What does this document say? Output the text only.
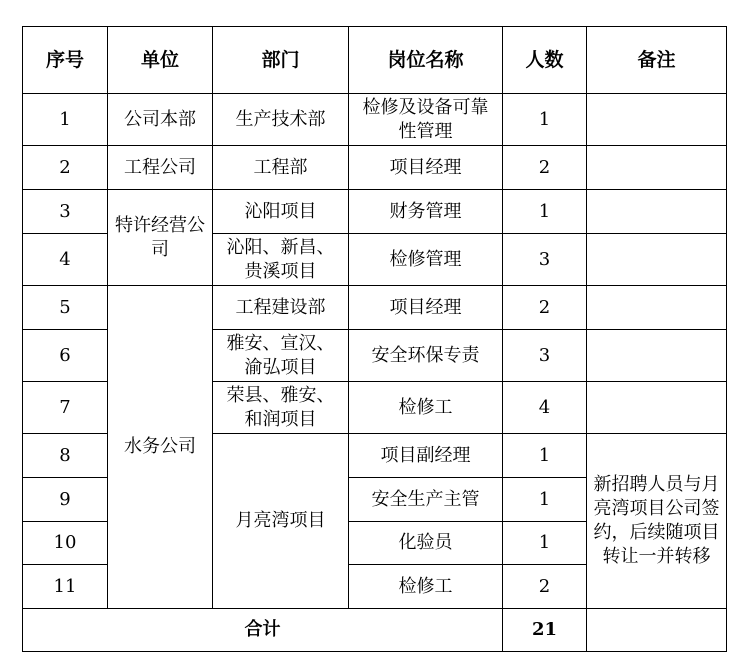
序号	单位	部门	岗位名称	人数	备注
1	公司本部	生产技术部	检修及设备可靠性管理	1	
2	工程公司	工程部	项目经理	2	
3	特许经营公司	沁阳项目	财务管理	1	
4		沁阳、新昌、贵溪项目	检修管理	3	
5	水务公司	工程建设部	项目经理	2	
6		雅安、宣汉、渝弘项目	安全环保专责	3	
7		荣县、雅安、和润项目	检修工	4	
8		月亮湾项目	项目副经理	1	新招聘人员与月亮湾项目公司签约，后续随项目转让一并转移
9			安全生产主管	1	
10			化验员	1	
11			检修工	2	
合计				21	
